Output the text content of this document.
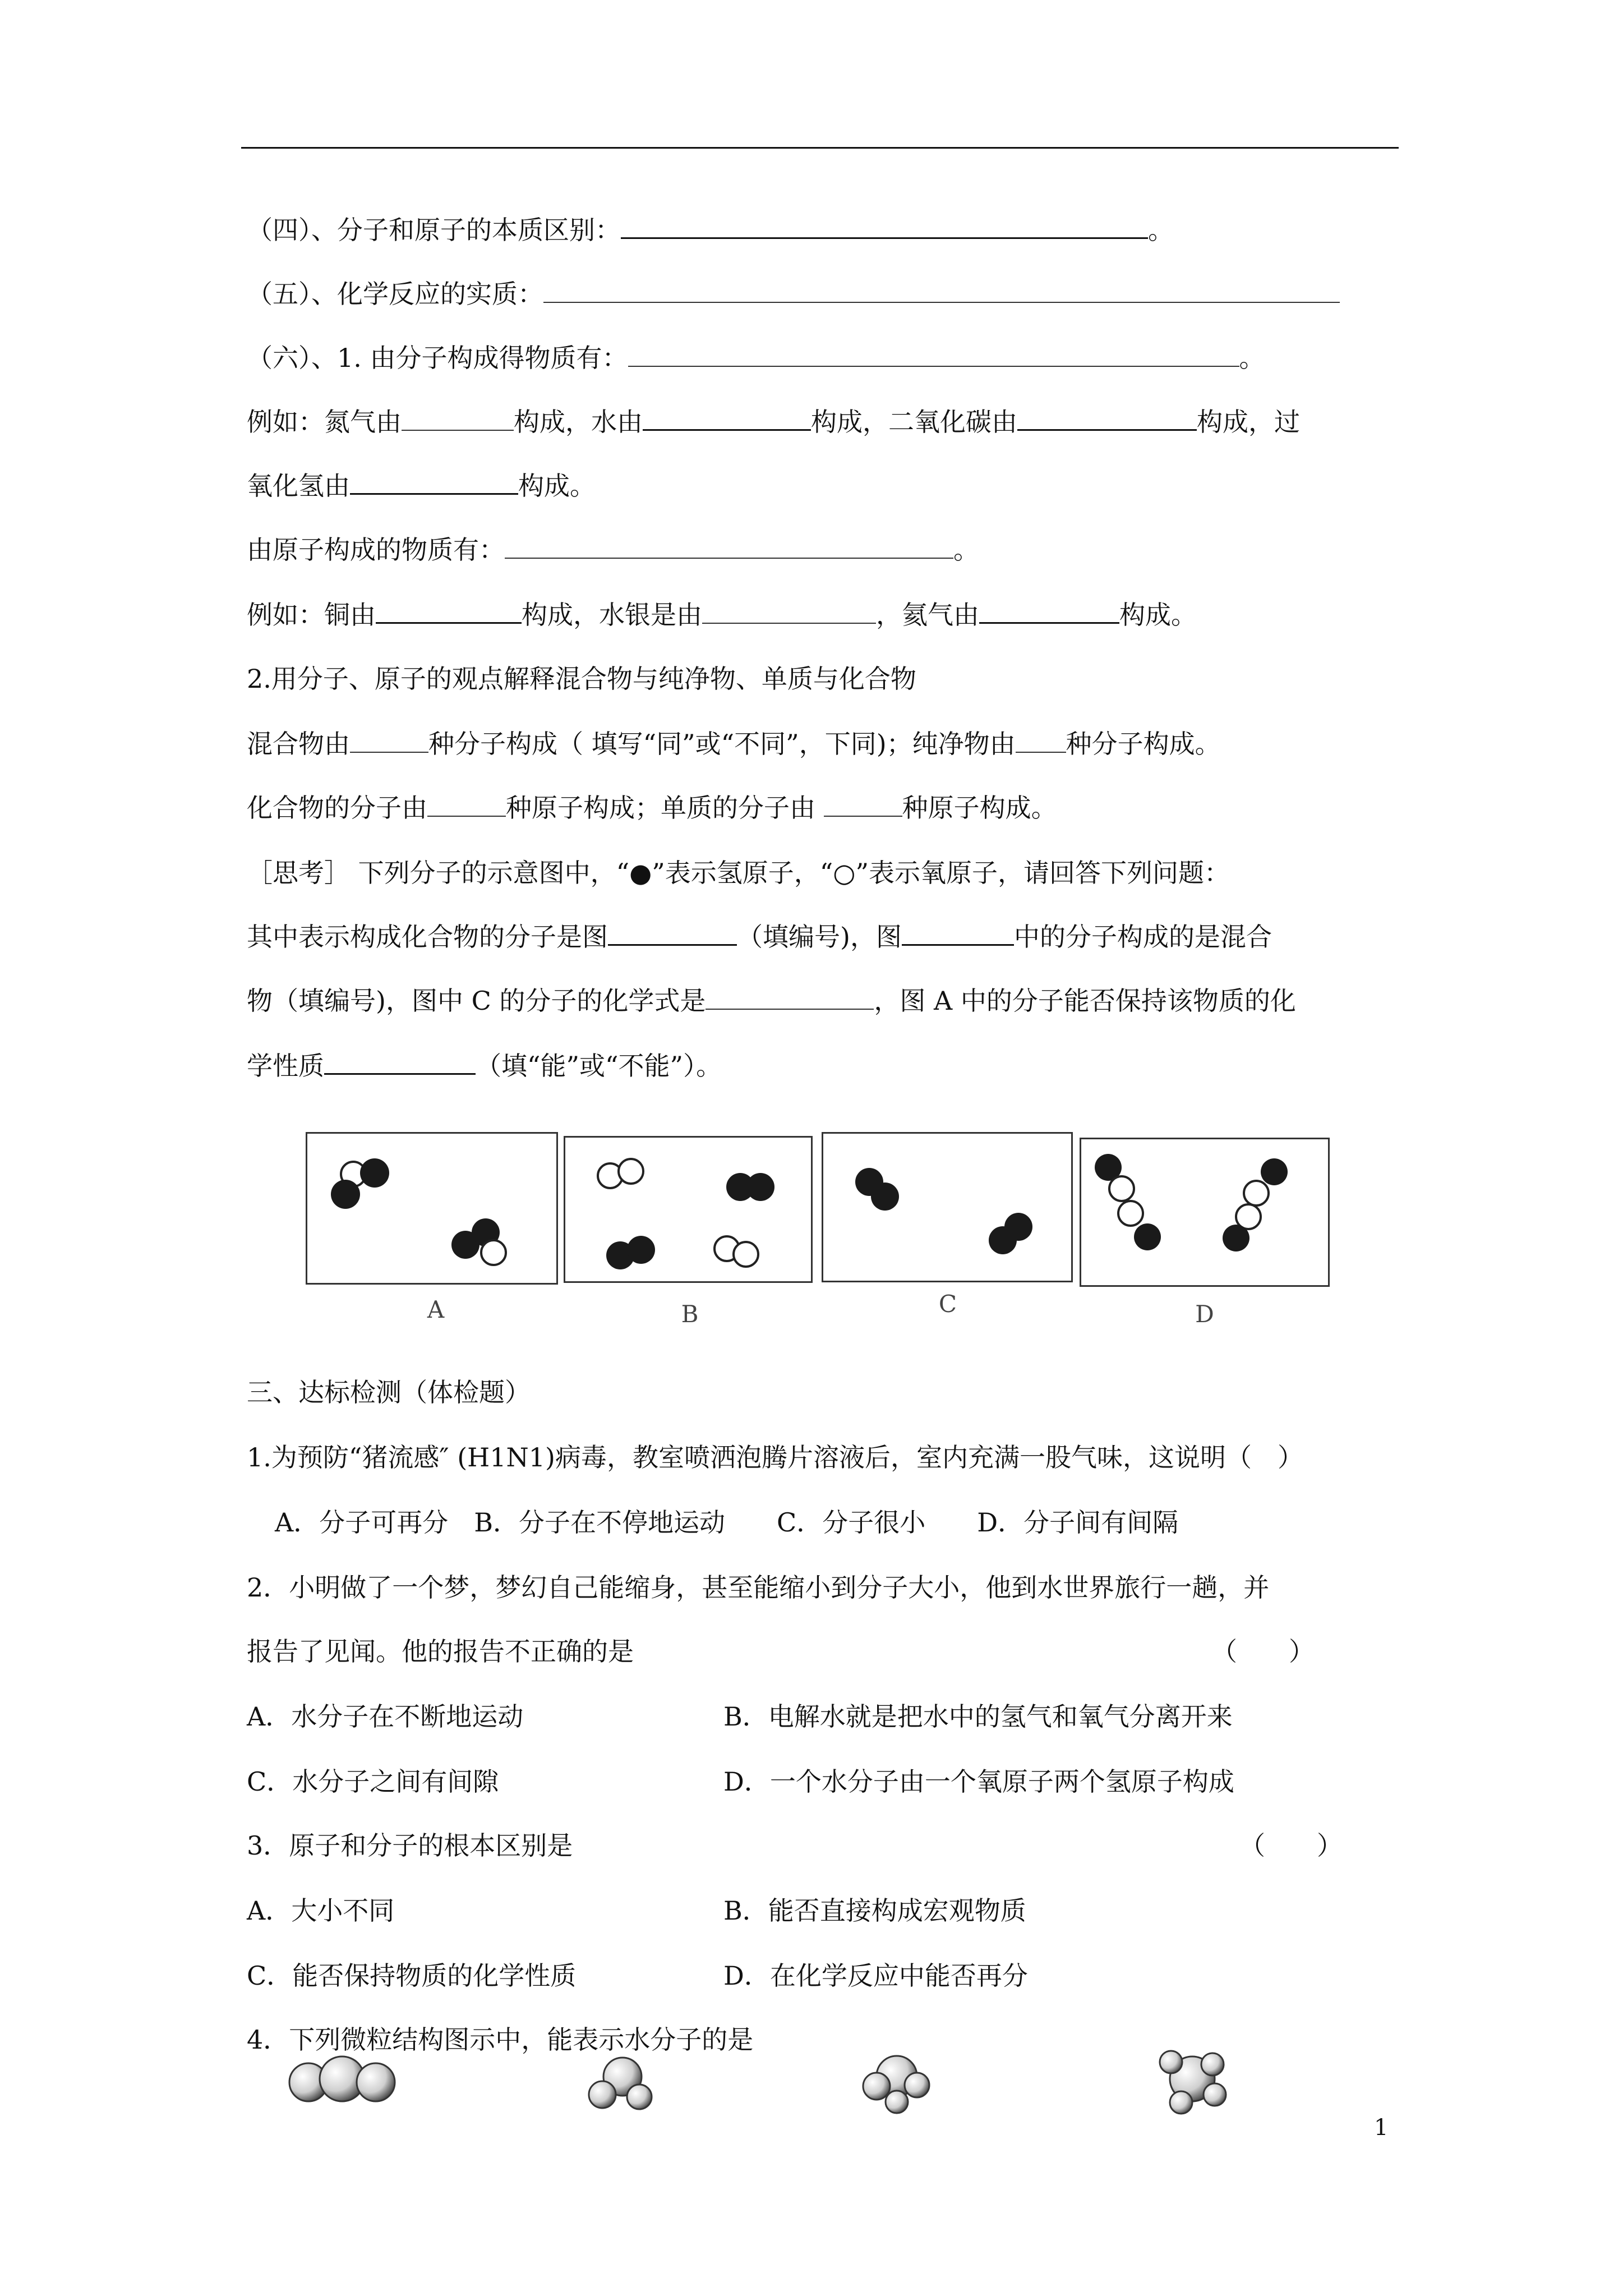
（四）、分子和原子的本质区别：	。
（五）、化学反应的实质：
（六）、1. 由分子构成得物质有：	。
例如：氮气由	构成，水由	构成，二氧化碳由	构成，过
氧化氢由	构成。
由原子构成的物质有：	。
例如：铜由	构成，水银是由	，氦气由	构成。
2.用分子、原子的观点解释混合物与纯净物、单质与化合物
混合物由	种分子构成（ 填写“同”或“不同”，下同)；纯净物由 种分子构成。
化合物的分子由	种原子构成；单质的分子由	种原子构成。
［思考］ 下列分子的示意图中，“●”表示氢原子，“○”表示氧原子，请回答下列问题：
其中表示构成化合物的分子是图	（填编号)，图	中的分子构成的是混合
物（填编号)，图中 C 的分子的化学式是	，图 A 中的分子能否保持该物质的化
学性质	（填“能”或“不能”）。
A	B	C	D
三、达标检测（体检题）
1.为预防“猪流感″ (H1N1)病毒，教室喷洒泡腾片溶液后，室内充满一股气味，这说明（　）
A．分子可再分　B．分子在不停地运动　　C．分子很小　　D．分子间有间隔
2．小明做了一个梦，梦幻自己能缩身，甚至能缩小到分子大小，他到水世界旅行一趟，并
报告了见闻。他的报告不正确的是	（　　）
A．水分子在不断地运动	B．电解水就是把水中的氢气和氧气分离开来
C．水分子之间有间隙	D．一个水分子由一个氧原子两个氢原子构成
3．原子和分子的根本区别是	（　　）
A．大小不同	B．能否直接构成宏观物质
C．能否保持物质的化学性质	D．在化学反应中能否再分
4．下列微粒结构图示中，能表示水分子的是
1
